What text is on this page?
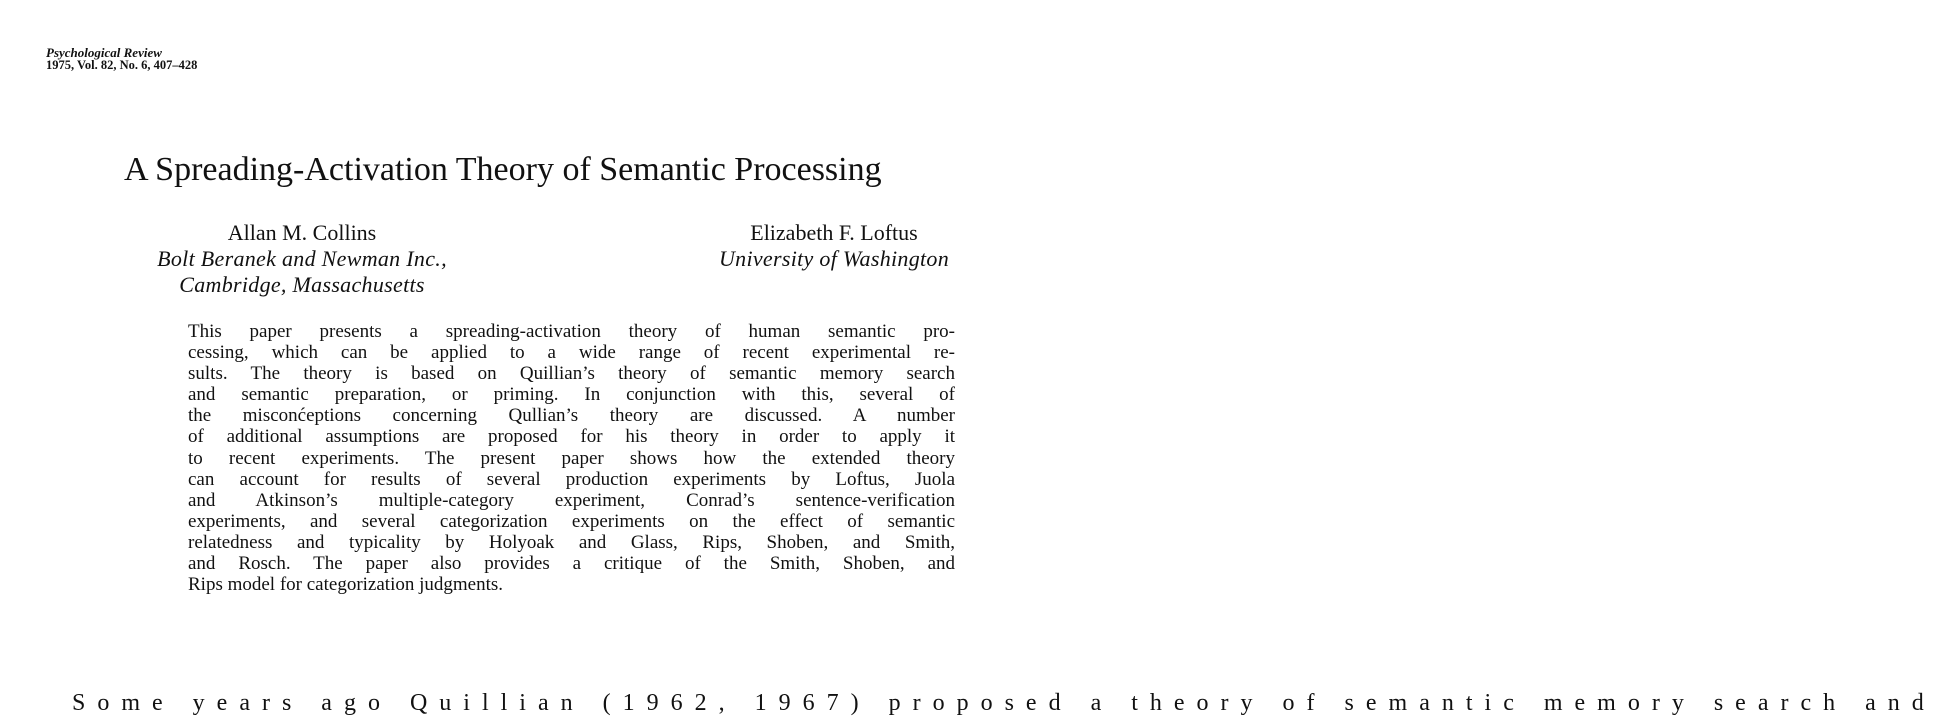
Psychological Review
1975, Vol. 82, No. 6, 407–428
A Spreading-Activation Theory of Semantic Processing
Allan M. Collins
Bolt Beranek and Newman Inc.,
Cambridge, Massachusetts
Elizabeth F. Loftus
University of Washington
This paper presents a spreading-activation theory of human semantic pro-
cessing, which can be applied to a wide range of recent experimental re-
sults. The theory is based on Quillian’s theory of semantic memory search
and semantic preparation, or priming. In conjunction with this, several of
the misconćeptions concerning Qullian’s theory are discussed. A number
of additional assumptions are proposed for his theory in order to apply it
to recent experiments. The present paper shows how the extended theory
can account for results of several production experiments by Loftus, Juola
and Atkinson’s multiple-category experiment, Conrad’s sentence-verification
experiments, and several categorization experiments on the effect of semantic
relatedness and typicality by Holyoak and Glass, Rips, Shoben, and Smith,
and Rosch. The paper also provides a critique of the Smith, Shoben, and
Rips model for categorization judgments.
Some years ago Quillian (1962, 1967) proposed a theory of semantic memory search and
